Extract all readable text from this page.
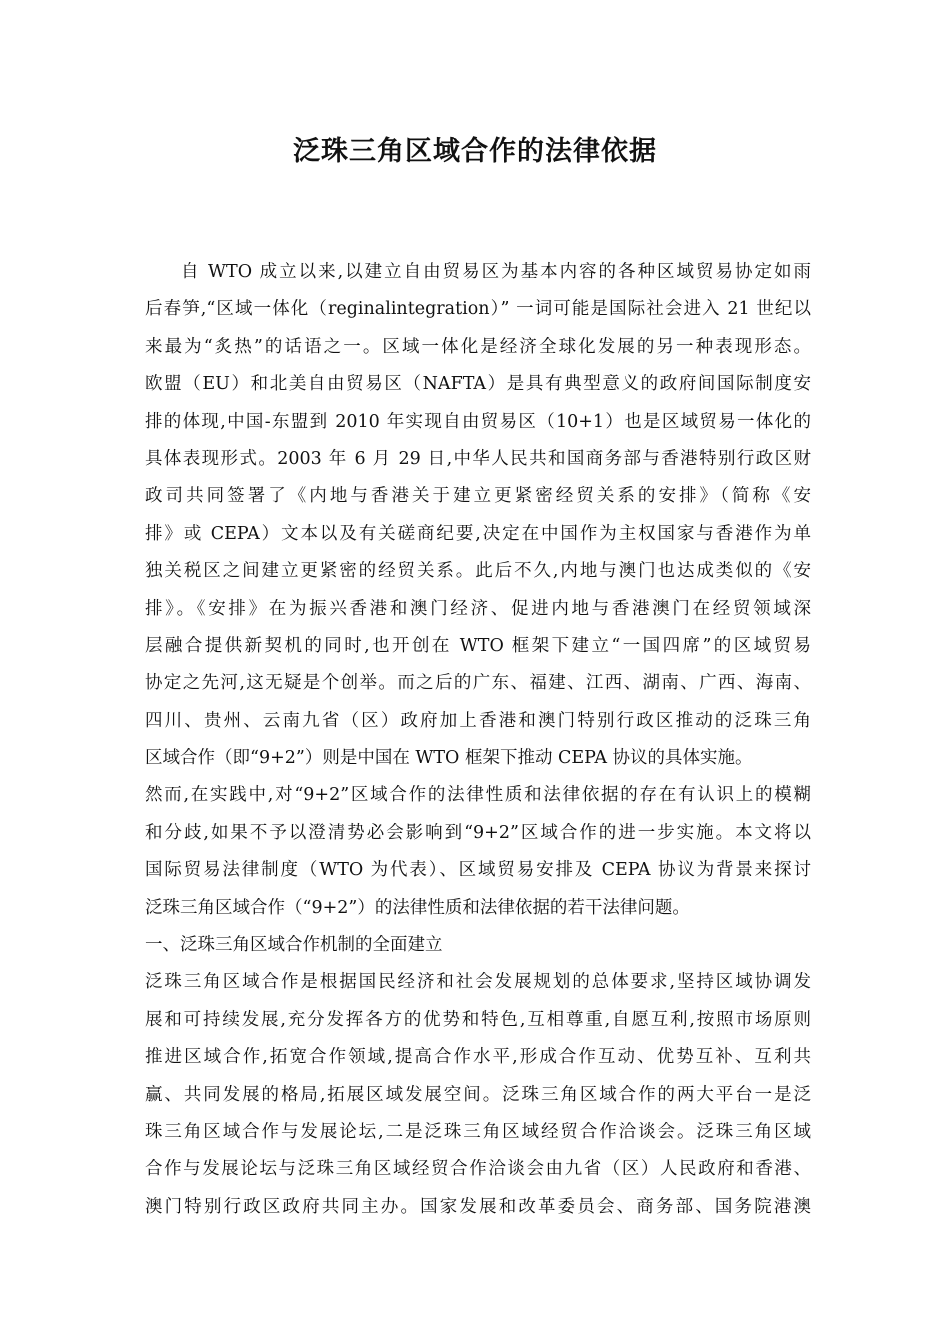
泛珠三角区域合作的法律依据
自 WTO 成立以来,以建立自由贸易区为基本内容的各种区域贸易协定如雨
后春笋,“区域一体化（reginalintegration）” 一词可能是国际社会进入 21 世纪以
来最为“炙热”的话语之一。区域一体化是经济全球化发展的另一种表现形态。
欧盟（EU）和北美自由贸易区（NAFTA）是具有典型意义的政府间国际制度安
排的体现,中国-东盟到 2010 年实现自由贸易区（10+1）也是区域贸易一体化的
具体表现形式。2003 年 6 月 29 日,中华人民共和国商务部与香港特别行政区财
政司共同签署了《内地与香港关于建立更紧密经贸关系的安排》（简称《安
排》或 CEPA）文本以及有关磋商纪要,决定在中国作为主权国家与香港作为单
独关税区之间建立更紧密的经贸关系。此后不久,内地与澳门也达成类似的《安
排》。《安排》在为振兴香港和澳门经济、促进内地与香港澳门在经贸领域深
层融合提供新契机的同时,也开创在 WTO 框架下建立“一国四席”的区域贸易
协定之先河,这无疑是个创举。而之后的广东、福建、江西、湖南、广西、海南、
四川、贵州、云南九省（区）政府加上香港和澳门特别行政区推动的泛珠三角
区域合作（即“9+2”）则是中国在 WTO 框架下推动 CEPA 协议的具体实施。
然而,在实践中,对“9+2”区域合作的法律性质和法律依据的存在有认识上的模糊
和分歧,如果不予以澄清势必会影响到“9+2”区域合作的进一步实施。本文将以
国际贸易法律制度（WTO 为代表）、区域贸易安排及 CEPA 协议为背景来探讨
泛珠三角区域合作（“9+2”）的法律性质和法律依据的若干法律问题。
一、泛珠三角区域合作机制的全面建立
泛珠三角区域合作是根据国民经济和社会发展规划的总体要求,坚持区域协调发
展和可持续发展,充分发挥各方的优势和特色,互相尊重,自愿互利,按照市场原则
推进区域合作,拓宽合作领域,提高合作水平,形成合作互动、优势互补、互利共
赢、共同发展的格局,拓展区域发展空间。泛珠三角区域合作的两大平台一是泛
珠三角区域合作与发展论坛,二是泛珠三角区域经贸合作洽谈会。泛珠三角区域
合作与发展论坛与泛珠三角区域经贸合作洽谈会由九省（区）人民政府和香港、
澳门特别行政区政府共同主办。国家发展和改革委员会、商务部、国务院港澳
